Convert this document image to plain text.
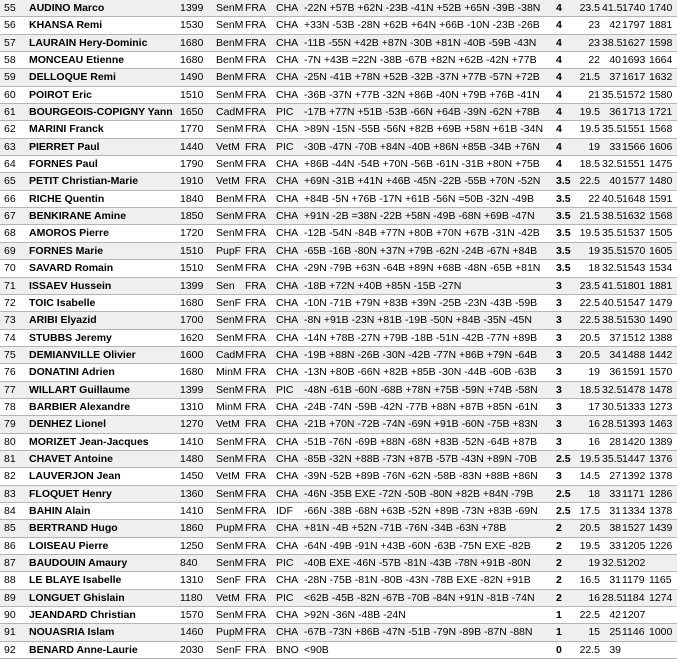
55	AUDINO Marco	1399	SenM FRA CHA -22N +57B +62N -23B -41N +52B +65N -39B -38N	4	23.5 41.5 1740 1740
56	KHANSA Remi	1530	SenM FRA CHA +33N -53B -28N +62B +64N +66B -10N -23B -26B	4	23 42 1797 1881
57	LAURAIN Hery-Dominic	1680	BenM FRA CHA -11B -55N +42B +87N -30B +81N -40B -59B -43N	4	23 38.5 1627 1598
58	MONCEAU Etienne	1680	BenM FRA CHA -7N +43B =22N -38B -67B +82N +62B -42N +77B	4	22 40 1693 1664
59	DELLOQUE Remi	1490	BenM FRA CHA -25N -41B +78N +52B -32B -37N +77B -57N +72B	4	21.5 37 1617 1632
60	POIROT Eric	1510	SenM FRA CHA -36B -37N +77B -32N +86B -40N +79B +76B -41N	4	21 35.5 1572 1580
61	BOURGEOIS-COPIGNY Yann 1650	CadM FRA PIC -17B +77N +51B -53B -66N +64B -39N -62N +78B	4	19.5 36 1713 1721
62	MARINI Franck	1770	SenM FRA CHA >89N -15N -55B -56N +82B +69B +58N +61B -34N	4	19.5 35.5 1551 1568
63	PIERRET Paul	1440	VetM FRA PIC -30B -47N -70B +84N -40B +86N +85B -34B +76N	4	19 33 1566 1606
64	FORNES Paul	1790	SenM FRA CHA +86B -44N -54B +70N -56B -61N -31B +80N +75B	4	18.5 32.5 1551 1475
65	PETIT Christian-Marie	1910	VetM FRA CHA +69N -31B +41N +46B -45N -22B -55B +70N -52N	3.5 22.5 40 1577 1480
66	RICHE Quentin	1840	BenM FRA CHA +84B -5N +76B -17N +61B -56N =50B -32N -49B	3.5	22 40.5 1648 1591
67	BENKIRANE Amine	1850	SenM FRA CHA +91N -2B =38N -22B +58N -49B -68N +69B -47N	3.5 21.5 38.5 1632 1568
68	AMOROS Pierre	1720	SenM FRA CHA -12B -54N -84B +77N +80B +70N +67B -31N -42B	3.5 19.5 35.5 1537 1505
69	FORNES Marie	1510	PupF FRA CHA -65B -16B -80N +37N +79B -62N -24B -67N +84B	3.5	19 35.5 1570 1605
70	SAVARD Romain	1510	SenM FRA CHA -29N -79B +63N -64B +89N +68B -48N -65B +81N	3.5	18 32.5 1543 1534
71	ISSAEV Hussein	1399	Sen FRA CHA -18B +72N +40B +85N -15B -27N	3	23.5 41.5 1801 1881
72	TOIC Isabelle	1680	SenF FRA CHA -10N -71B +79N +83B +39N -25B -23N -43B -59B	3	22.5 40.5 1547 1479
73	ARIBI Elyazid	1700	SenM FRA CHA -8N +91B -23N +81B -19B -50N +84B -35N -45N	3	22.5 38.5 1530 1490
74	STUBBS Jeremy	1620	SenM FRA CHA -14N +78B -27N +79B -18B -51N -42B -77N +89B	3	20.5 37 1512 1388
75	DEMIANVILLE Olivier	1600	CadM FRA CHA -19B +88N -26B -30N -42B -77N +86B +79N -64B	3	20.5 34 1488 1442
76	DONATINI Adrien	1680	MinM FRA CHA -13N +80B -66N +82B +85B -30N -44B -60B -63B	3	19 36 1591 1570
77	WILLART Guillaume	1399	SenM FRA PIC -48N -61B -60N -68B +78N +75B -59N +74B -58N	3	18.5 32.5 1478 1478
78	BARBIER Alexandre	1310	MinM FRA CHA -24B -74N -59B -42N -77B +88N +87B +85N -61N	3	17 30.5 1333 1273
79	DENHEZ Lionel	1270	VetM FRA CHA -21B +70N -72B -74N -69N +91B -60N -75B +83N	3	16 28.5 1393 1463
80	MORIZET Jean-Jacques	1410	SenM FRA CHA -51B -76N -69B +88N -68N +83B -52N -64B +87B	3	16 28 1420 1389
81	CHAVET Antoine	1480	SenM FRA CHA -85B -32N +88B -73N +87B -57B -43N +89N -70B	2.5 19.5 35.5 1447 1376
82	LAUVERJON Jean	1450	VetM FRA CHA -39N -52B +89B -76N -62N -58B -83N +88B +86N	3	14.5 27 1392 1378
83	FLOQUET Henry	1360	SenM FRA CHA -46N -35B EXE -72N -50B -80N +82B +84N -79B	2.5	18 33 1171 1286
84	BAHIN Alain	1410	SenM FRA IDF	-66N -38B -68N +63B -52N +89B -73N +83B -69N	2.5 17.5 31 1334 1378
85	BERTRAND Hugo	1860	PupM FRA CHA +81N -4B +52N -71B -76N -34B -63N +78B	2	20.5 38 1527 1439
86	LOISEAU Pierre	1250	SenM FRA CHA -64N -49B -91N +43B -60N -63B -75N EXE -82B	2	19.5 33 1205 1226
87	BAUDOUIN Amaury	840	SenM FRA PIC -40B EXE -46N -57B -81N -43B -78N +91B -80N	2	19 32.5 1202
88	LE BLAYE Isabelle	1310	SenF FRA CHA -28N -75B -81N -80B -43N -78B EXE -82N +91B	2	16.5 31 1179 1165
89	LONGUET Ghislain	1180	VetM FRA PIC <62B -45B -82N -67B -70B -84N +91N -81B -74N	2	16 28.5 1184 1274
90	JEANDARD Christian	1570	SenM FRA CHA >92N -36N -48B -24N	1	22.5 42 1207
91	NOUASRIA Islam	1460	PupM FRA CHA -67B -73N +86B -47N -51B -79N -89B -87N -88N	1	15 25 1146 1000
92	BENARD Anne-Laurie	2030	SenF FRA BNO <90B	0	22.5 39
